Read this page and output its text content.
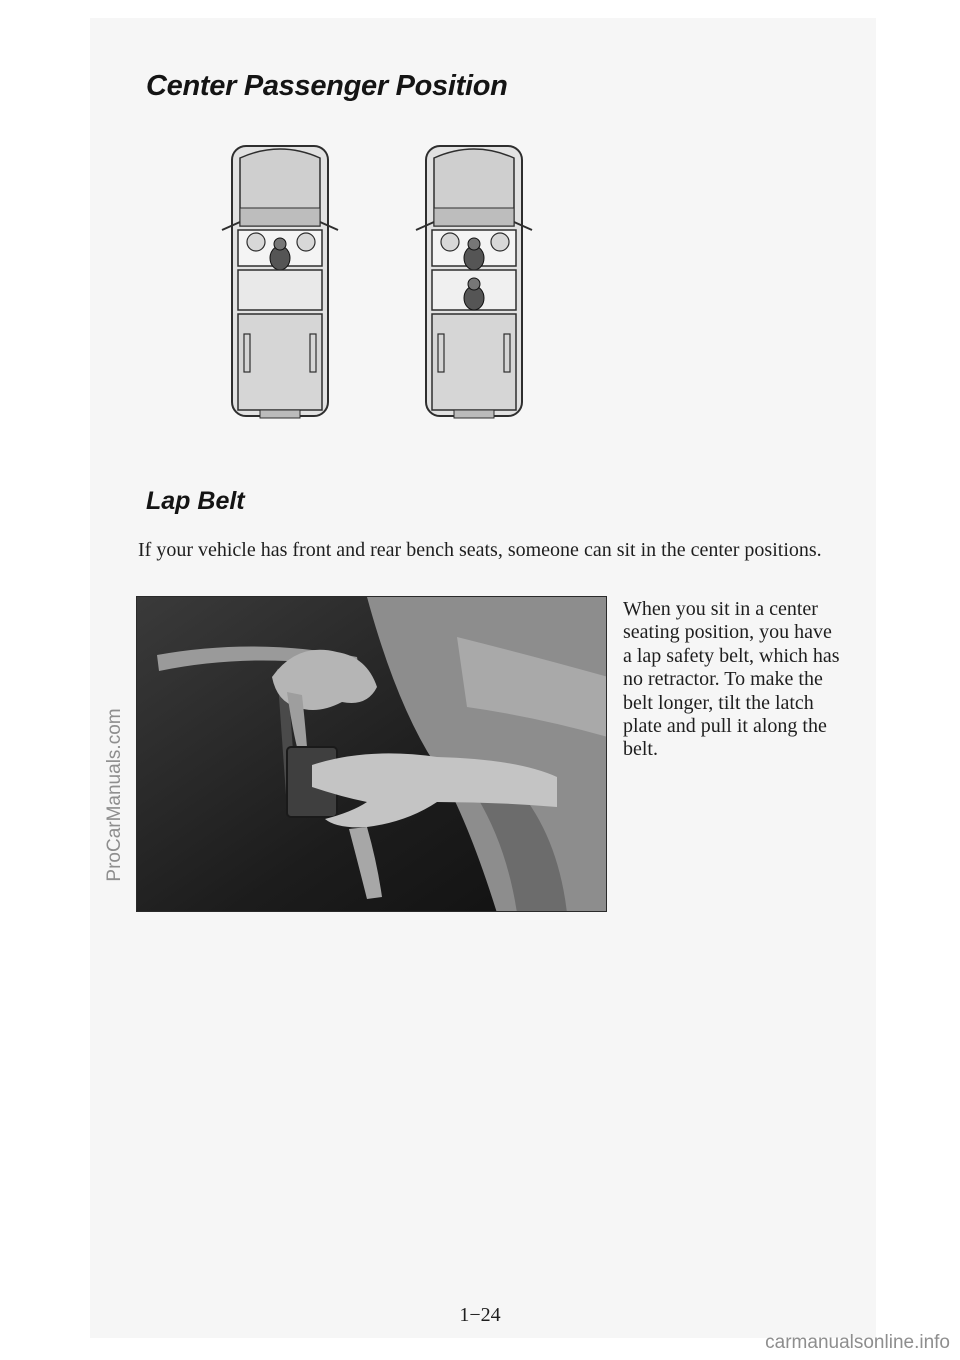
Center Passenger Position
Lap Belt

If your vehicle has front and rear bench seats, someone can sit in the center positions.

When you sit in a center seating position, you have a lap safety belt, which has no retractor. To make the belt longer, tilt the latch plate and pull it along the belt.

1−24
ProCarManuals.com
carmanualsonline.info
